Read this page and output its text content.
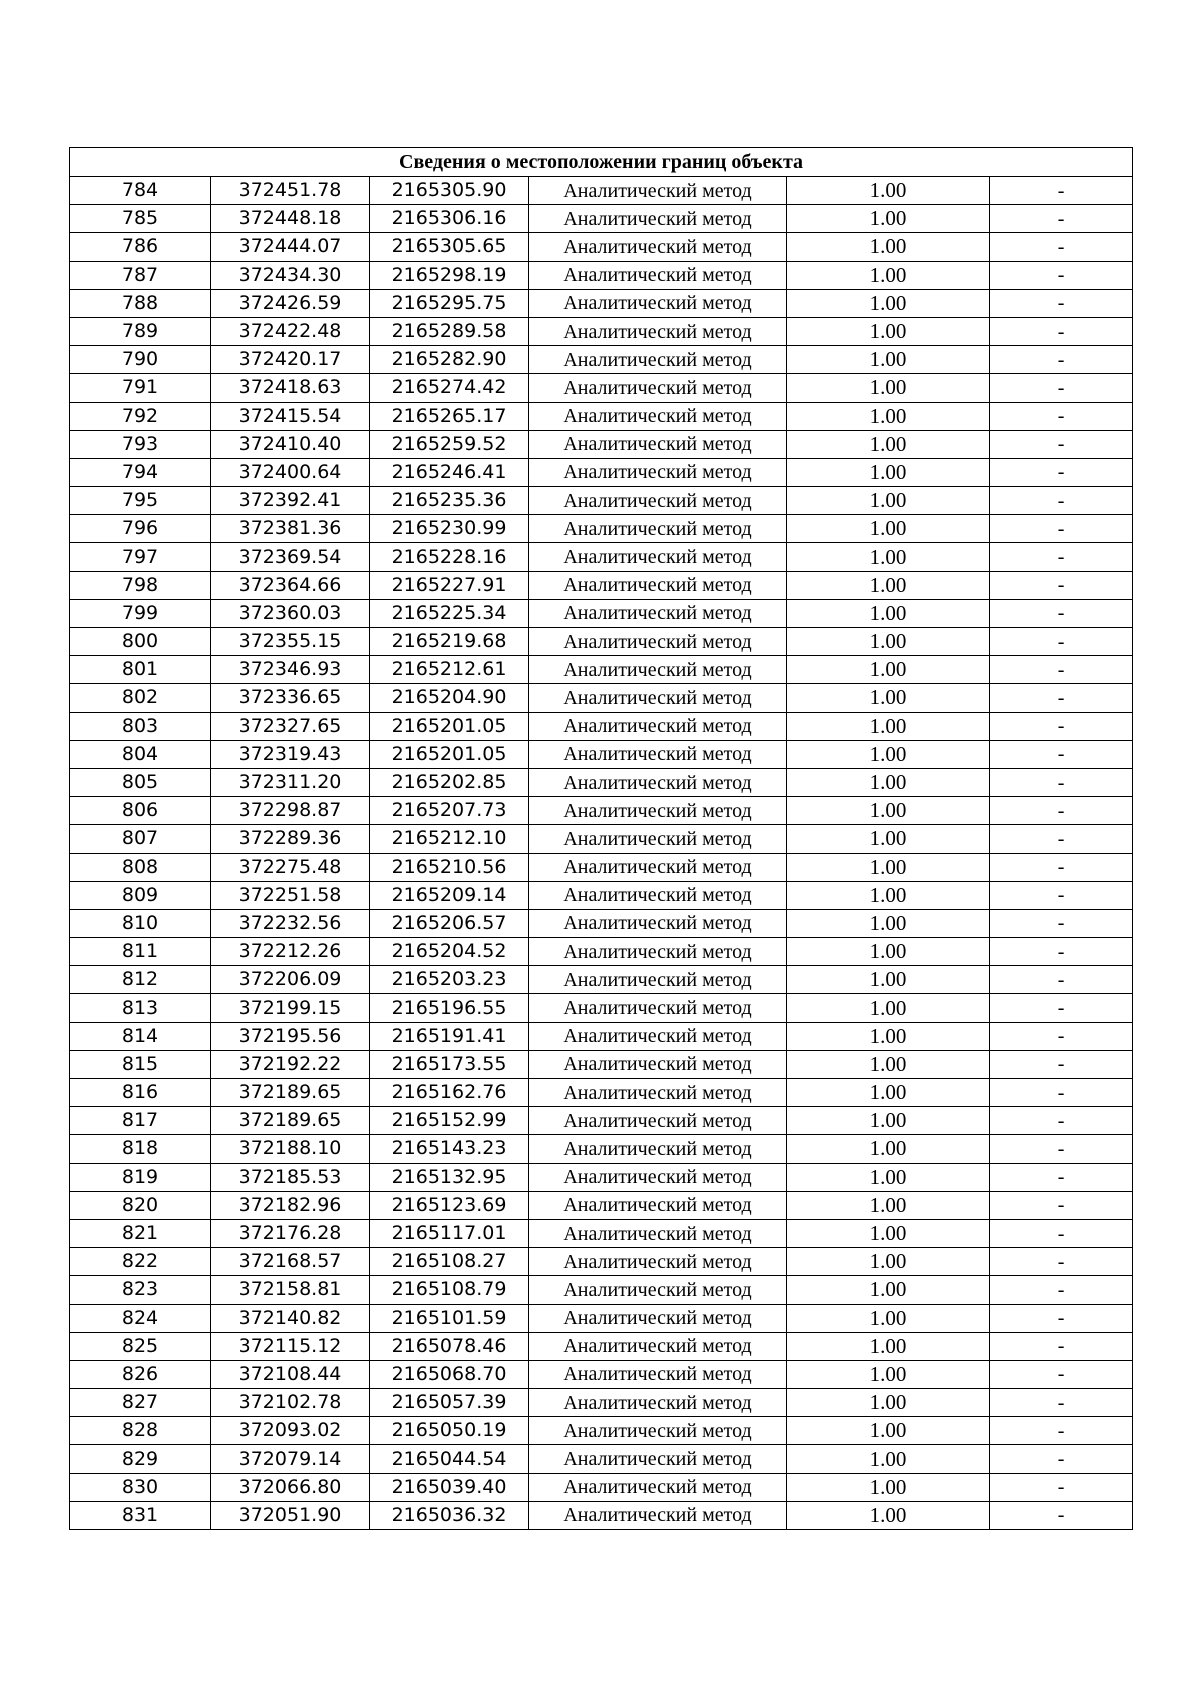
Сведения о местоположении границ объекта					
784	372451.78	2165305.90	Аналитический метод	1.00	-
785	372448.18	2165306.16	Аналитический метод	1.00	-
786	372444.07	2165305.65	Аналитический метод	1.00	-
787	372434.30	2165298.19	Аналитический метод	1.00	-
788	372426.59	2165295.75	Аналитический метод	1.00	-
789	372422.48	2165289.58	Аналитический метод	1.00	-
790	372420.17	2165282.90	Аналитический метод	1.00	-
791	372418.63	2165274.42	Аналитический метод	1.00	-
792	372415.54	2165265.17	Аналитический метод	1.00	-
793	372410.40	2165259.52	Аналитический метод	1.00	-
794	372400.64	2165246.41	Аналитический метод	1.00	-
795	372392.41	2165235.36	Аналитический метод	1.00	-
796	372381.36	2165230.99	Аналитический метод	1.00	-
797	372369.54	2165228.16	Аналитический метод	1.00	-
798	372364.66	2165227.91	Аналитический метод	1.00	-
799	372360.03	2165225.34	Аналитический метод	1.00	-
800	372355.15	2165219.68	Аналитический метод	1.00	-
801	372346.93	2165212.61	Аналитический метод	1.00	-
802	372336.65	2165204.90	Аналитический метод	1.00	-
803	372327.65	2165201.05	Аналитический метод	1.00	-
804	372319.43	2165201.05	Аналитический метод	1.00	-
805	372311.20	2165202.85	Аналитический метод	1.00	-
806	372298.87	2165207.73	Аналитический метод	1.00	-
807	372289.36	2165212.10	Аналитический метод	1.00	-
808	372275.48	2165210.56	Аналитический метод	1.00	-
809	372251.58	2165209.14	Аналитический метод	1.00	-
810	372232.56	2165206.57	Аналитический метод	1.00	-
811	372212.26	2165204.52	Аналитический метод	1.00	-
812	372206.09	2165203.23	Аналитический метод	1.00	-
813	372199.15	2165196.55	Аналитический метод	1.00	-
814	372195.56	2165191.41	Аналитический метод	1.00	-
815	372192.22	2165173.55	Аналитический метод	1.00	-
816	372189.65	2165162.76	Аналитический метод	1.00	-
817	372189.65	2165152.99	Аналитический метод	1.00	-
818	372188.10	2165143.23	Аналитический метод	1.00	-
819	372185.53	2165132.95	Аналитический метод	1.00	-
820	372182.96	2165123.69	Аналитический метод	1.00	-
821	372176.28	2165117.01	Аналитический метод	1.00	-
822	372168.57	2165108.27	Аналитический метод	1.00	-
823	372158.81	2165108.79	Аналитический метод	1.00	-
824	372140.82	2165101.59	Аналитический метод	1.00	-
825	372115.12	2165078.46	Аналитический метод	1.00	-
826	372108.44	2165068.70	Аналитический метод	1.00	-
827	372102.78	2165057.39	Аналитический метод	1.00	-
828	372093.02	2165050.19	Аналитический метод	1.00	-
829	372079.14	2165044.54	Аналитический метод	1.00	-
830	372066.80	2165039.40	Аналитический метод	1.00	-
831	372051.90	2165036.32	Аналитический метод	1.00	-
